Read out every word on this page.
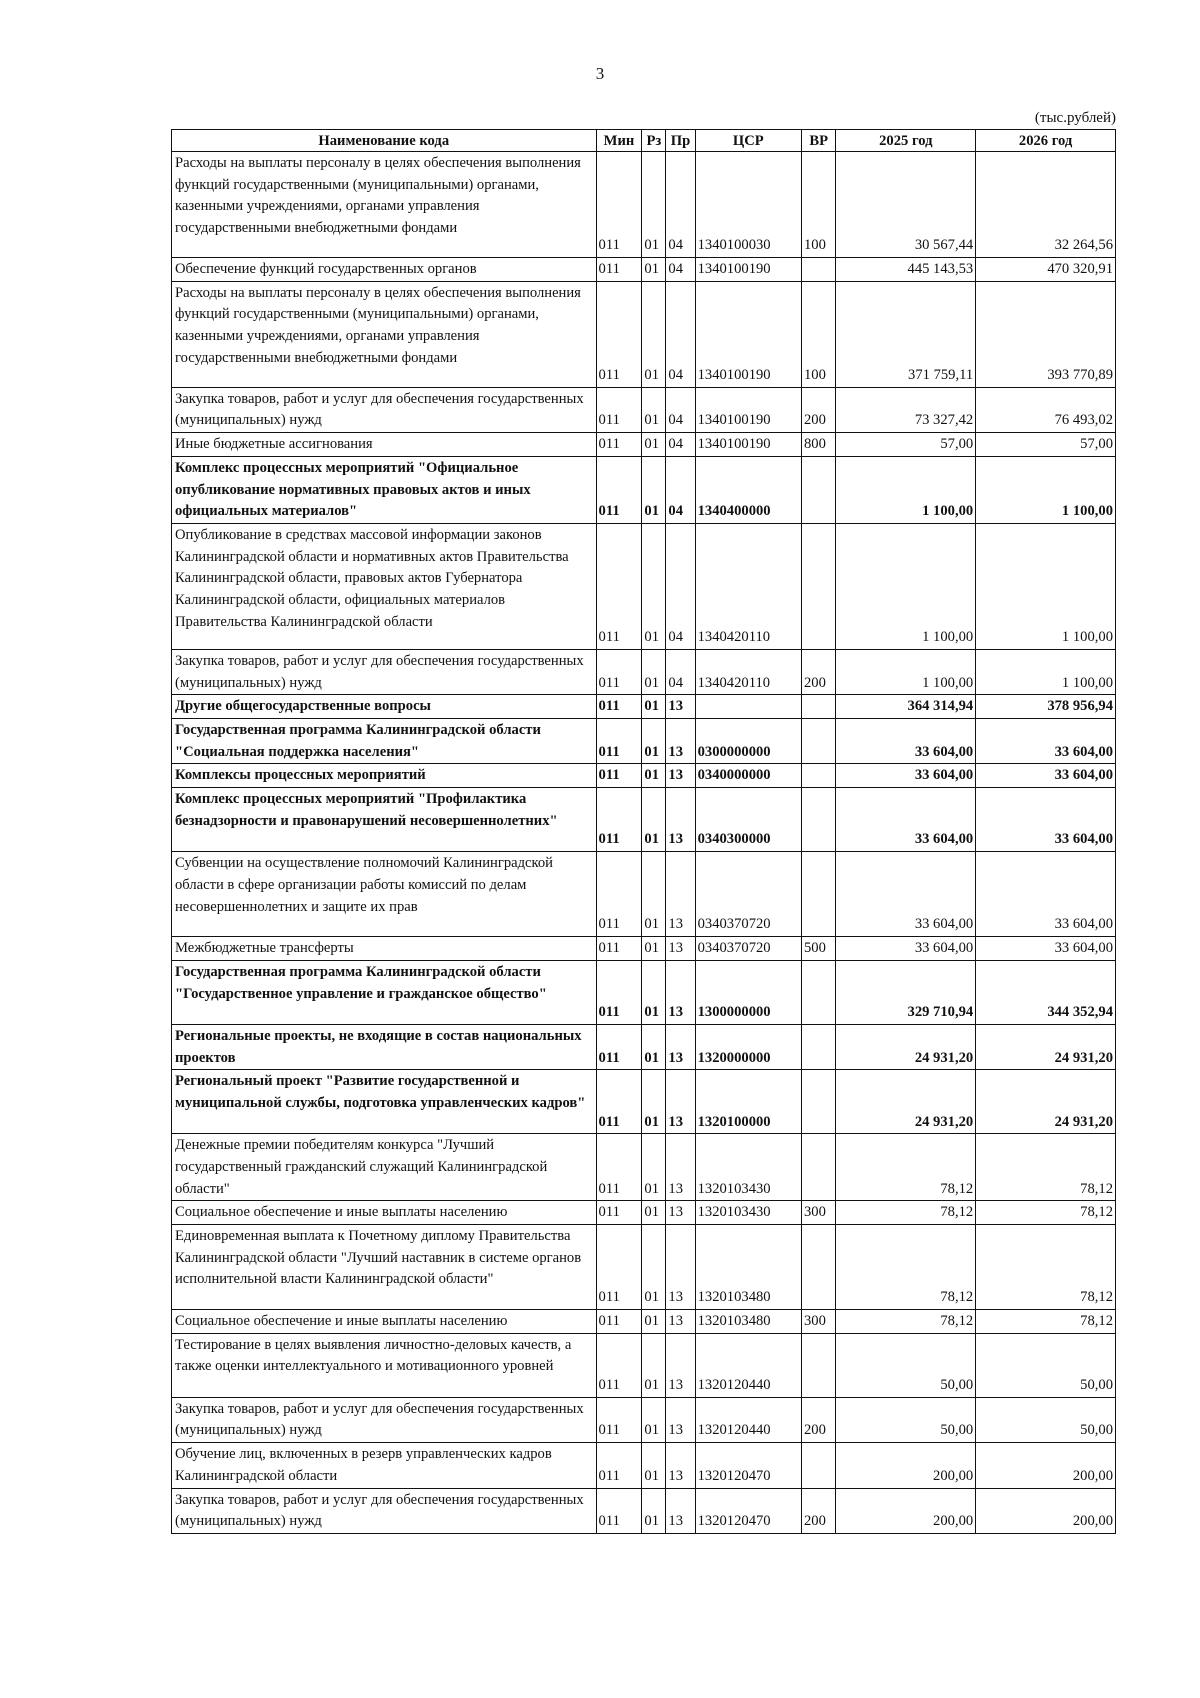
3
(тыс.рублей)
Наименование кода	Мин	Рз	Пр	ЦСР	ВР	2025 год	2026 год
Расходы на выплаты персоналу в целях обеспечения выполнения функций государственными (муниципальными) органами, казенными учреждениями, органами управления государственными внебюджетными фондами	011	01	04	1340100030	100	30 567,44	32 264,56
Обеспечение функций государственных органов	011	01	04	1340100190		445 143,53	470 320,91
Расходы на выплаты персоналу в целях обеспечения выполнения функций государственными (муниципальными) органами, казенными учреждениями, органами управления государственными внебюджетными фондами	011	01	04	1340100190	100	371 759,11	393 770,89
Закупка товаров, работ и услуг для обеспечения государственных (муниципальных) нужд	011	01	04	1340100190	200	73 327,42	76 493,02
Иные бюджетные ассигнования	011	01	04	1340100190	800	57,00	57,00
Комплекс процессных мероприятий "Официальное опубликование нормативных правовых актов и иных официальных материалов"	011	01	04	1340400000		1 100,00	1 100,00
Опубликование в средствах массовой информации законов Калининградской области и нормативных актов Правительства Калининградской области, правовых актов Губернатора Калининградской области, официальных материалов Правительства Калининградской области	011	01	04	1340420110		1 100,00	1 100,00
Закупка товаров, работ и услуг для обеспечения государственных (муниципальных) нужд	011	01	04	1340420110	200	1 100,00	1 100,00
Другие общегосударственные вопросы	011	01	13			364 314,94	378 956,94
Государственная программа Калининградской области "Социальная поддержка населения"	011	01	13	0300000000		33 604,00	33 604,00
Комплексы процессных мероприятий	011	01	13	0340000000		33 604,00	33 604,00
Комплекс процессных мероприятий "Профилактика безнадзорности и правонарушений несовершеннолетних"	011	01	13	0340300000		33 604,00	33 604,00
Субвенции на осуществление полномочий Калининградской области в сфере организации работы комиссий по делам несовершеннолетних и защите их прав	011	01	13	0340370720		33 604,00	33 604,00
Межбюджетные трансферты	011	01	13	0340370720	500	33 604,00	33 604,00
Государственная программа Калининградской области "Государственное управление и гражданское общество"	011	01	13	1300000000		329 710,94	344 352,94
Региональные проекты, не входящие в состав национальных проектов	011	01	13	1320000000		24 931,20	24 931,20
Региональный проект "Развитие государственной и муниципальной службы, подготовка управленческих кадров"	011	01	13	1320100000		24 931,20	24 931,20
Денежные премии победителям конкурса "Лучший государственный гражданский служащий Калининградской области"	011	01	13	1320103430		78,12	78,12
Социальное обеспечение и иные выплаты населению	011	01	13	1320103430	300	78,12	78,12
Единовременная выплата к Почетному диплому Правительства Калининградской области "Лучший наставник в системе органов исполнительной власти Калининградской области"	011	01	13	1320103480		78,12	78,12
Социальное обеспечение и иные выплаты населению	011	01	13	1320103480	300	78,12	78,12
Тестирование в целях выявления личностно-деловых качеств, а также оценки интеллектуального и мотивационного уровней	011	01	13	1320120440		50,00	50,00
Закупка товаров, работ и услуг для обеспечения государственных (муниципальных) нужд	011	01	13	1320120440	200	50,00	50,00
Обучение лиц, включенных в резерв управленческих кадров Калининградской области	011	01	13	1320120470		200,00	200,00
Закупка товаров, работ и услуг для обеспечения государственных (муниципальных) нужд	011	01	13	1320120470	200	200,00	200,00
